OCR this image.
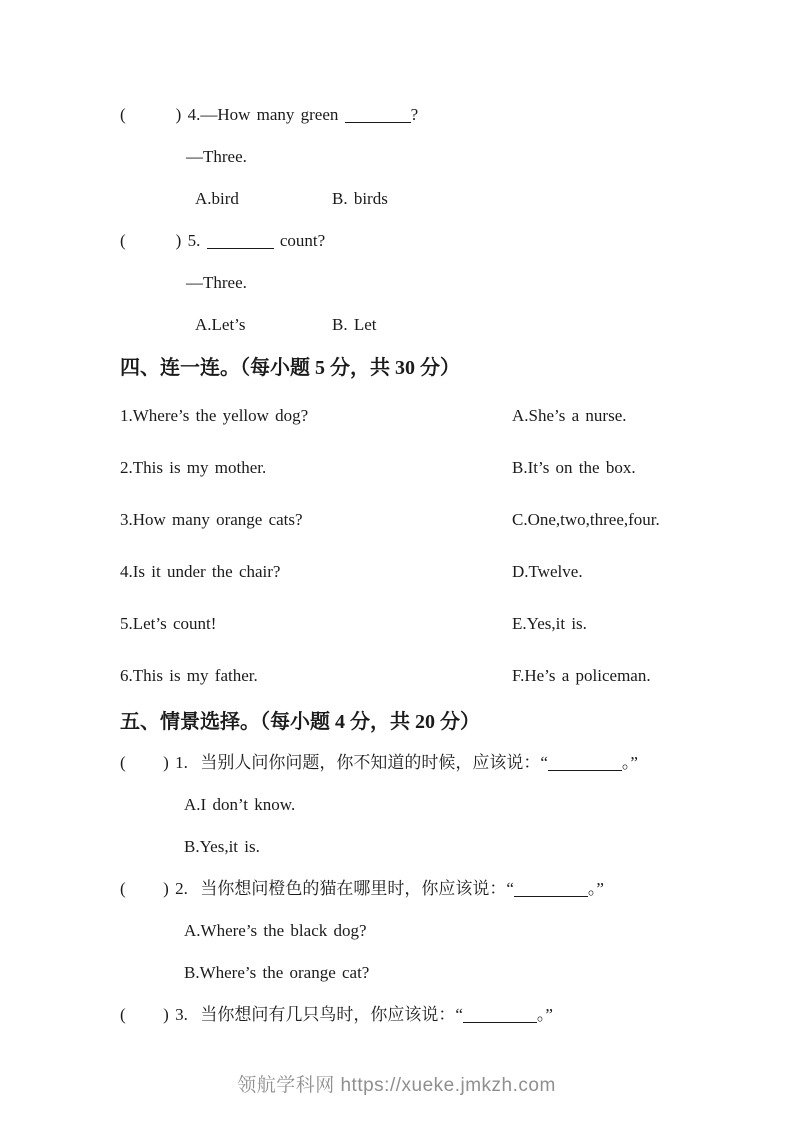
(        ) 4.—How many green	?
—Three.
A.bird	B. birds
(        ) 5.	count?
—Three.
A.Let’s	B. Let
四、连一连。（每小题 5 分，共 30 分）
1.Where’s the yellow dog?	A.She’s a nurse.
2.This is my mother.	B.It’s on the box.
3.How many orange cats?	C.One,two,three,four.
4.Is it under the chair?	D.Twelve.
5.Let’s count!	E.Yes,it is.
6.This is my father.	F.He’s a policeman.
五、情景选择。（每小题 4 分，共 20 分）
(      ) 1.  当别人问你问题，你不知道的时候，应该说：“	。”
A.I don’t know.
B.Yes,it is.
(      ) 2.  当你想问橙色的猫在哪里时，你应该说：“	。”
A.Where’s the black dog?
B.Where’s the orange cat?
(      ) 3.  当你想问有几只鸟时，你应该说：“	。”
领航学科网 https://xueke.jmkzh.com
